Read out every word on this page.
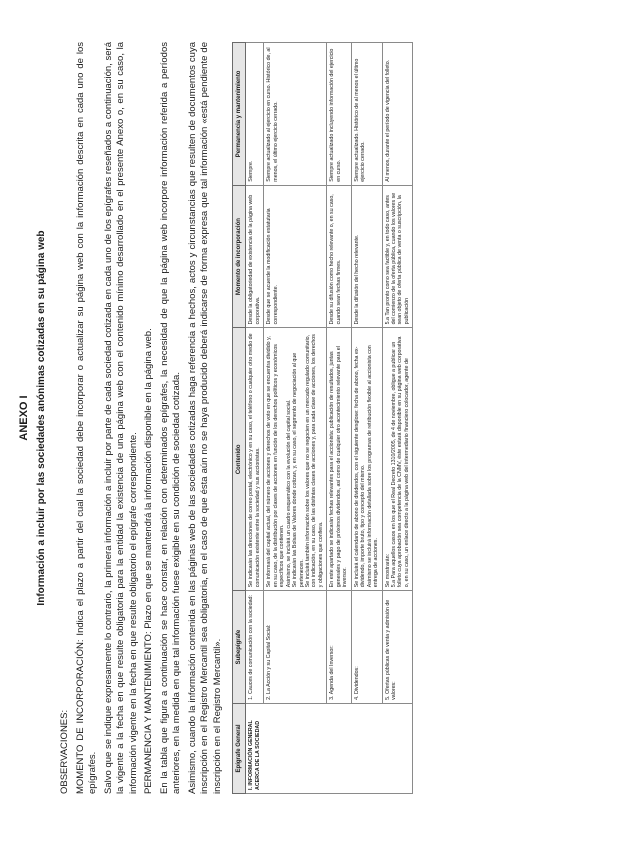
ANEXO I Información a incluir por las sociedades anónimas cotizadas en su página web

OBSERVACIONES: MOMENTO DE INCORPORACIÓN: Indica el plazo a partir del cual la sociedad debe incorporar o actualizar su página web con la información descrita en cada uno de los epígrafes. Salvo que se indique expresamente lo contrario, la primera información a incluir por parte de cada sociedad cotizada en cada uno de los epígrafes reseñados a continuación, será la vigente a la fecha en que resulte obligatoria para la entidad la existencia de una página web con el contenido mínimo desarrollado en el presente Anexo o, en su caso, la información vigente en la fecha en que resulte obligatorio el epígrafe correspondiente. PERMANENCIA Y MANTENIMIENTO: Plazo en que se mantendrá la información disponible en la página web. En la tabla que figura a continuación se hace constar, en relación con determinados epígrafes, la necesidad de que la página web incorpore información referida a períodos anteriores, en la medida en que tal información fuese exigible en su condición de sociedad cotizada. Asimismo, cuando la información contenida en las páginas web de las sociedades cotizadas haga referencia a hechos, actos y circunstancias que resulten de documentos cuya inscripción en el Registro Mercantil sea obligatoria, en el caso de que ésta aún no se haya producido deberá indicarse de forma expresa que tal información «está pendiente de inscripción en el Registro Mercantil». Epígrafe General	Subepígrafe	Contenido	Momento de incorporación	Permanencia y mantenimiento
I. INFORMACIÓN GENERAL ACERCA DE LA SOCIEDAD	1. Cauces de comunicación con la sociedad:	Se indicarán las direcciones de correo postal, electrónico y en su caso, el teléfono o cualquier otro medio de comunicación existente entre la sociedad y sus accionistas.	Desde la obligatoriedad de existencia de la página web corporativa.	Siempre.
	2. La Acción y su Capital Social:	Se informará del capital actual, del número de acciones y derechos de voto en que se encuentra dividido y, en su caso, de la distribución por clases de acciones en función de los derechos políticos y económicos específicos que contienen. Asimismo, se incluirá un cuadro esquemático con la evolución del capital social. Se indicarán las Bolsas de Valores donde cotizan, y, en su caso, el segmento de negociación al que pertenecen. Se incluirá también información sobre los valores que no se negocien en un mercado regulado comunitario, con indicación, en su caso, de las distintas clases de acciones y, para cada clase de acciones, los derechos y obligaciones que confiera.	Desde que se acuerde la modificación estatutaria correspondiente.	Siempre actualizado al ejercicio en curso. Histórico de, al menos, el último ejercicio cerrado.
	3. Agenda del Inversor:	En este apartado se indicarán fechas relevantes para el accionista: publicación de resultados, juntas generales y pago de próximos dividendos, así como de cualquier otro acontecimiento relevante para el inversor.	Desde su difusión como hecho relevante o, en su caso, cuando sean fechas firmes.	Siempre actualizado incluyendo información del ejercicio en curso.
	4. Dividendos:	Se incluirá el calendario de abono de dividendos, con el siguiente desglose: fecha de abono, fecha ex-dividendo, importe bruto, tipo y concepto del mismo. Asimismo se incluirá información detallada sobre los programas de retribución flexible al accionista con entrega de acciones.	Desde la difusión del hecho relevante.	Siempre actualizado. Histórico de al menos el último ejercicio cerrado.
	5. Ofertas públicas de venta y admisión de valores:	Se mostrarán: 5.a Para aquellos casos en los que el Real Decreto 1310/2005, de 4 de noviembre, obligue a publicar un folleto cuya aprobación sea competencia de la CNMV, éste estará disponible en su página web corporativa o, en su caso, un enlace directo a la página web del intermediario financiero colocador, agente de	5.a Tan pronto como sea factible y, en todo caso, antes del comienzo de la oferta pública, cuando los valores se sean objeto de oferta pública de venta o suscripción, la publicación	Al menos, durante el período de vigencia del folleto.
